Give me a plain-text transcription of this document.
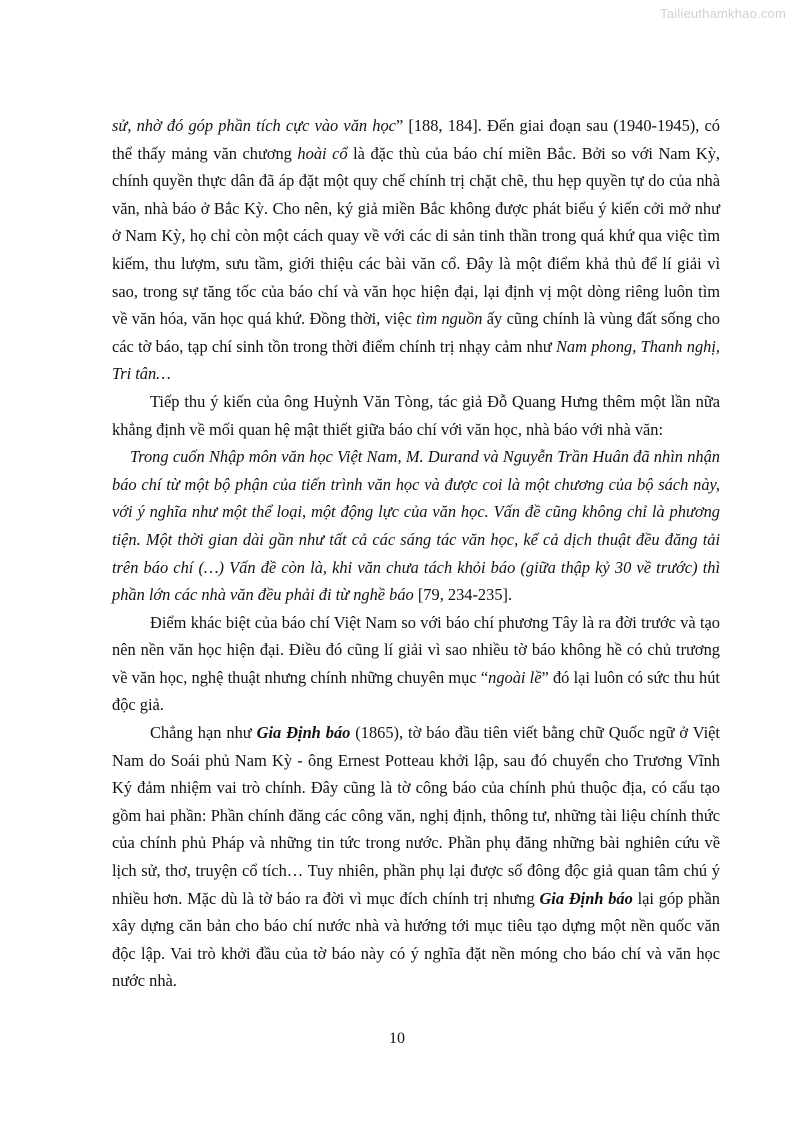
Tailieuthamkhao.com

sử, nhờ đó góp phần tích cực vào văn học” [188, 184]. Đến giai đoạn sau (1940-1945), có thể thấy mảng văn chương hoài cổ là đặc thù của báo chí miền Bắc. Bởi so với Nam Kỳ, chính quyền thực dân đã áp đặt một quy chế chính trị chặt chẽ, thu hẹp quyền tự do của nhà văn, nhà báo ở Bắc Kỳ. Cho nên, ký giả miền Bắc không được phát biểu ý kiến cởi mở như ở Nam Kỳ, họ chỉ còn một cách quay về với các di sản tinh thần trong quá khứ qua việc tìm kiếm, thu lượm, sưu tầm, giới thiệu các bài văn cổ. Đây là một điểm khả thủ để lí giải vì sao, trong sự tăng tốc của báo chí và văn học hiện đại, lại định vị một dòng riêng luôn tìm về văn hóa, văn học quá khứ. Đồng thời, việc tìm nguồn ấy cũng chính là vùng đất sống cho các tờ báo, tạp chí sinh tồn trong thời điểm chính trị nhạy cảm như Nam phong, Thanh nghị, Tri tân…

Tiếp thu ý kiến của ông Huỳnh Văn Tòng, tác giả Đỗ Quang Hưng thêm một lần nữa khẳng định về mối quan hệ mật thiết giữa báo chí với văn học, nhà báo với nhà văn:

Trong cuốn Nhập môn văn học Việt Nam, M. Durand và Nguyễn Trần Huân đã nhìn nhận báo chí từ một bộ phận của tiến trình văn học và được coi là một chương của bộ sách này, với ý nghĩa như một thể loại, một động lực của văn học. Vấn đề cũng không chỉ là phương tiện. Một thời gian dài gần như tất cả các sáng tác văn học, kể cả dịch thuật đều đăng tải trên báo chí (…) Vấn đề còn là, khi văn chưa tách khỏi báo (giữa thập kỷ 30 về trước) thì phần lớn các nhà văn đều phải đi từ nghề báo [79, 234-235].

Điểm khác biệt của báo chí Việt Nam so với báo chí phương Tây là ra đời trước và tạo nên nền văn học hiện đại. Điều đó cũng lí giải vì sao nhiều tờ báo không hề có chủ trương về văn học, nghệ thuật nhưng chính những chuyên mục “ngoài lề” đó lại luôn có sức thu hút độc giả.

Chẳng hạn như Gia Định báo (1865), tờ báo đầu tiên viết bằng chữ Quốc ngữ ở Việt Nam do Soái phủ Nam Kỳ - ông Ernest Potteau khởi lập, sau đó chuyển cho Trương Vĩnh Ký đảm nhiệm vai trò chính. Đây cũng là tờ công báo của chính phủ thuộc địa, có cấu tạo gồm hai phần: Phần chính đăng các công văn, nghị định, thông tư, những tài liệu chính thức của chính phủ Pháp và những tin tức trong nước. Phần phụ đăng những bài nghiên cứu về lịch sử, thơ, truyện cổ tích… Tuy nhiên, phần phụ lại được số đông độc giả quan tâm chú ý nhiều hơn. Mặc dù là tờ báo ra đời vì mục đích chính trị nhưng Gia Định báo lại góp phần xây dựng căn bản cho báo chí nước nhà và hướng tới mục tiêu tạo dựng một nền quốc văn độc lập. Vai trò khởi đầu của tờ báo này có ý nghĩa đặt nền móng cho báo chí và văn học nước nhà.

10
